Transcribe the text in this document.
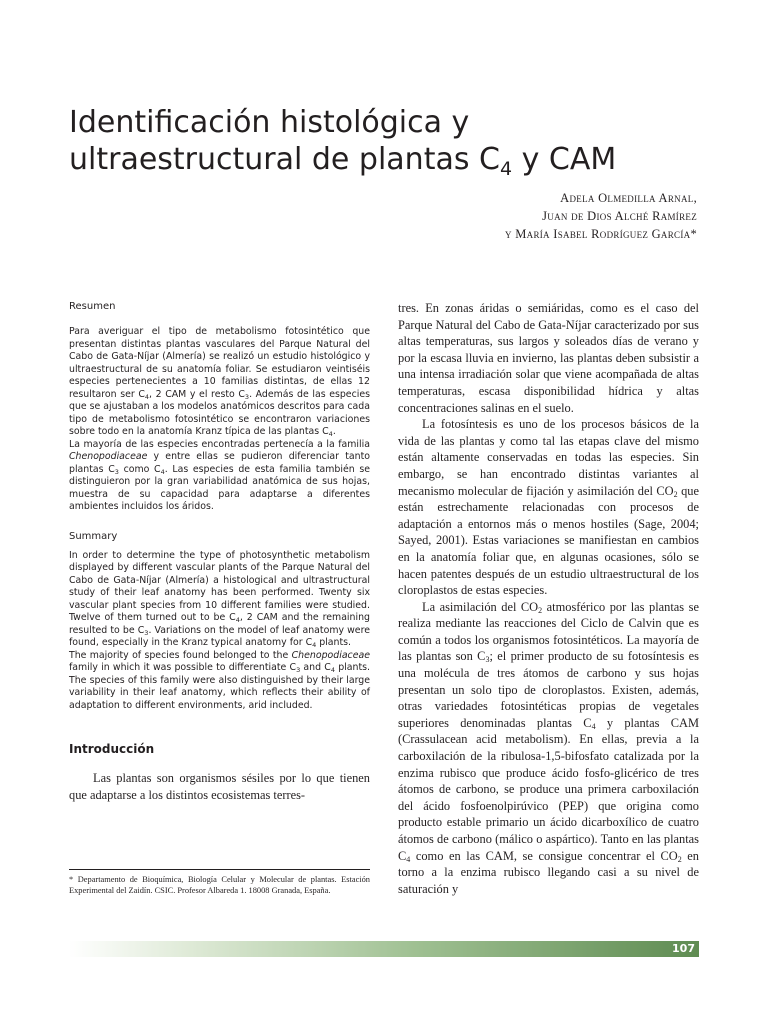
Identificación histológica y
ultraestructural de plantas $C_4$ y CAM
Adela Olmedilla Arnal,
Juan de Dios Alché Ramírez
y María Isabel Rodríguez García*

Resumen

Para averiguar el tipo de metabolismo fotosintético que presentan distintas plantas vasculares del Parque Natural del Cabo de Gata-Níjar (Almería) se realizó un estudio histológico y ultraestructural de su anatomía foliar. Se estudiaron veintiséis especies pertenecientes a 10 familias distintas, de ellas 12 resultaron ser $C_4$, 2 CAM y el resto $C_3$. Además de las especies que se ajustaban a los modelos anatómicos descritos para cada tipo de metabolismo fotosintético se encontraron variaciones sobre todo en la anatomía Kranz típica de las plantas $C_4$.

La mayoría de las especies encontradas pertenecía a la familia Chenopodiaceae y entre ellas se pudieron diferenciar tanto plantas $C_3$ como $C_4$. Las especies de esta familia también se distinguieron por la gran variabilidad anatómica de sus hojas, muestra de su capacidad para adaptarse a diferentes ambientes incluidos los áridos.

Summary

In order to determine the type of photosynthetic metabolism displayed by different vascular plants of the Parque Natural del Cabo de Gata-Níjar (Almería) a histological and ultrastructural study of their leaf anatomy has been performed. Twenty six vascular plant species from 10 different families were studied. Twelve of them turned out to be $C_4$, 2 CAM and the remaining resulted to be $C_3$. Variations on the model of leaf anatomy were found, especially in the Kranz typical anatomy for $C_4$ plants.

The majority of species found belonged to the Chenopodiaceae family in which it was possible to differentiate $C_3$ and $C_4$ plants. The species of this family were also distinguished by their large variability in their leaf anatomy, which reflects their ability of adaptation to different environments, arid included.

Introducción

Las plantas son organismos sésiles por lo que tienen que adaptarse a los distintos ecosistemas terres-

* Departamento de Bioquímica, Biología Celular y Molecular de plantas. Estación Experimental del Zaidín. CSIC. Profesor Albareda 1. 18008 Granada, España.

tres. En zonas áridas o semiáridas, como es el caso del Parque Natural del Cabo de Gata-Níjar caracterizado por sus altas temperaturas, sus largos y soleados días de verano y por la escasa lluvia en invierno, las plantas deben subsistir a una intensa irradiación solar que viene acompañada de altas temperaturas, escasa disponibilidad hídrica y altas concentraciones salinas en el suelo.

La fotosíntesis es uno de los procesos básicos de la vida de las plantas y como tal las etapas clave del mismo están altamente conservadas en todas las especies. Sin embargo, se han encontrado distintas variantes al mecanismo molecular de fijación y asimilación del $CO_2$ que están estrechamente relacionadas con procesos de adaptación a entornos más o menos hostiles (Sage, 2004; Sayed, 2001). Estas variaciones se manifiestan en cambios en la anatomía foliar que, en algunas ocasiones, sólo se hacen patentes después de un estudio ultraestructural de los cloroplastos de estas especies.

La asimilación del $CO_2$ atmosférico por las plantas se realiza mediante las reacciones del Ciclo de Calvin que es común a todos los organismos fotosintéticos. La mayoría de las plantas son $C_3$; el primer producto de su fotosíntesis es una molécula de tres átomos de carbono y sus hojas presentan un solo tipo de cloroplastos. Existen, además, otras variedades fotosintéticas propias de vegetales superiores denominadas plantas $C_4$ y plantas CAM (Crassulacean acid metabolism). En ellas, previa a la carboxilación de la ribulosa-1,5-bifosfato catalizada por la enzima rubisco que produce ácido fosfo-glicérico de tres átomos de carbono, se produce una primera carboxilación del ácido fosfoenolpirúvico (PEP) que origina como producto estable primario un ácido dicarboxílico de cuatro átomos de carbono (málico o aspártico). Tanto en las plantas $C_4$ como en las CAM, se consigue concentrar el $CO_2$ en torno a la enzima rubisco llegando casi a su nivel de saturación y

107
